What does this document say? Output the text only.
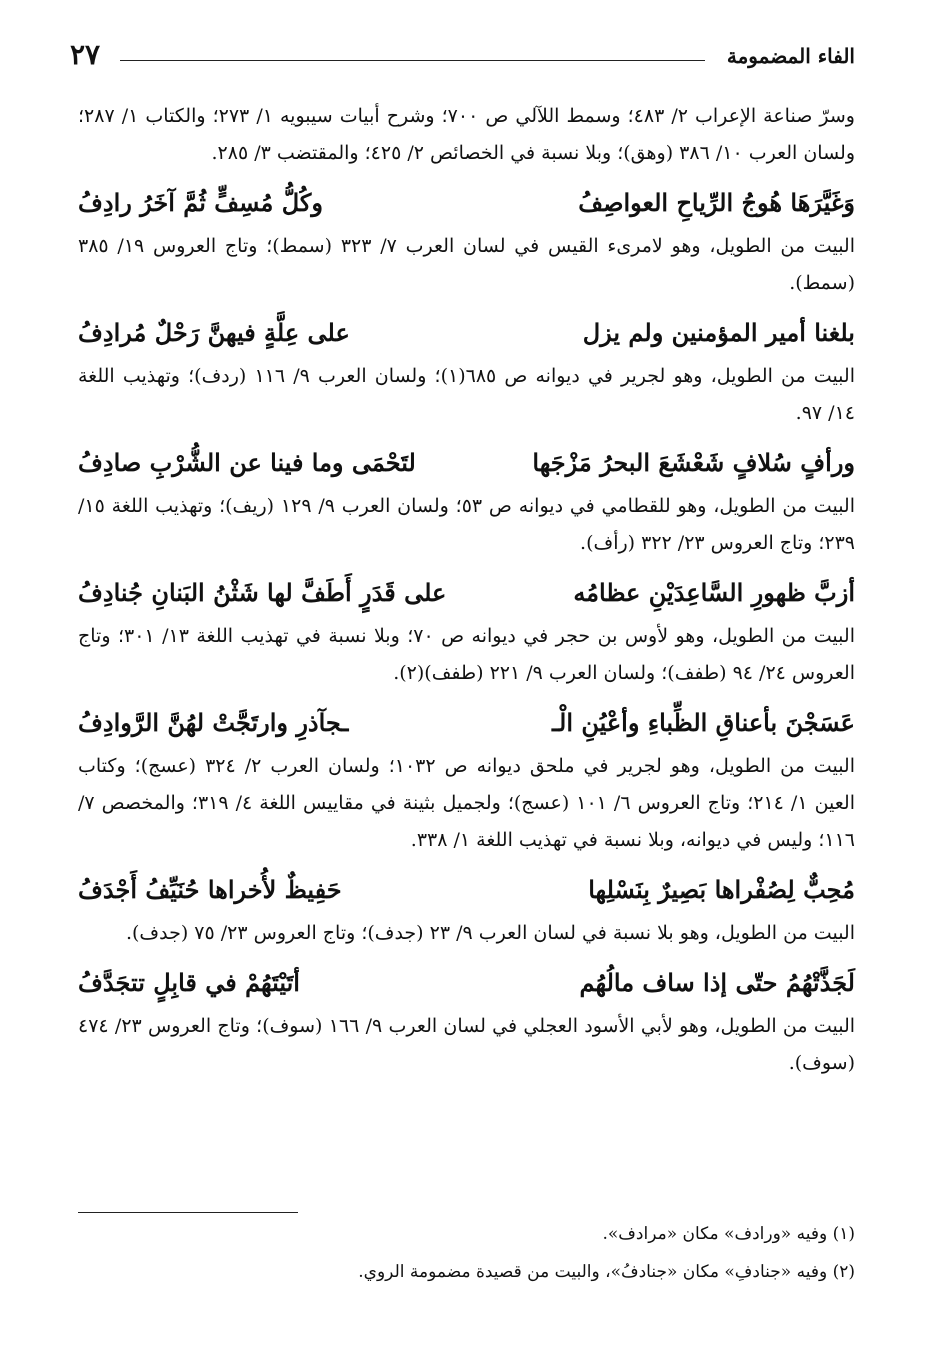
الفاء المضمومة
٢٧
وسرّ صناعة الإعراب ٢/ ٤٨٣؛ وسمط اللآلي ص ٧٠٠؛ وشرح أبيات سيبويه ١/ ٢٧٣؛ والكتاب ١/ ٢٨٧؛ ولسان العرب ١٠/ ٣٨٦ (وهق)؛ وبلا نسبة في الخصائص ٢/ ٤٢٥؛ والمقتضب ٣/ ٢٨٥.
وَغَيَّرَهَا هُوجُ الرِّياحِ العواصِفُ
وكُلُّ مُسِفٍّ ثُمَّ آخَرُ رادِفُ
البيت من الطويل، وهو لامرىء القيس في لسان العرب ٧/ ٣٢٣ (سمط)؛ وتاج العروس ١٩/ ٣٨٥ (سمط).
بلغنا أمير المؤمنين ولم يزل
على عِلَّةٍ فيهنَّ رَحْلٌ مُرادِفُ
البيت من الطويل، وهو لجرير في ديوانه ص ٦٨٥(١)؛ ولسان العرب ٩/ ١١٦ (ردف)؛ وتهذيب اللغة ١٤/ ٩٧.
ورأفٍ سُلافٍ شَعْشَعَ البحرُ مَزْجَها
لتَحْمَى وما فينا عن الشُّرْبِ صادِفُ
البيت من الطويل، وهو للقطامي في ديوانه ص ٥٣؛ ولسان العرب ٩/ ١٢٩ (ريف)؛ وتهذيب اللغة ١٥/ ٢٣٩؛ وتاج العروس ٢٣/ ٣٢٢ (رأف).
أزبَّ ظهورِ السَّاعِدَيْنِ عظامُه
على قَدَرٍ أَطَفَّ لها شَثْنُ البَنانِ جُنادِفُ
البيت من الطويل، وهو لأوس بن حجر في ديوانه ص ٧٠؛ وبلا نسبة في تهذيب اللغة ١٣/ ٣٠١؛ وتاج العروس ٢٤/ ٩٤ (طفف)؛ ولسان العرب ٩/ ٢٢١ (طفف)(٢).
عَسَجْنَ بأعناقِ الظِّباءِ وأعْيُنِ الْـ
ـجآذرِ وارتَجَّتْ لهُنَّ الرَّوادِفُ
البيت من الطويل، وهو لجرير في ملحق ديوانه ص ١٠٣٢؛ ولسان العرب ٢/ ٣٢٤ (عسج)؛ وكتاب العين ١/ ٢١٤؛ وتاج العروس ٦/ ١٠١ (عسج)؛ ولجميل بثينة في مقاييس اللغة ٤/ ٣١٩؛ والمخصص ٧/ ١١٦؛ وليس في ديوانه، وبلا نسبة في تهذيب اللغة ١/ ٣٣٨.
مُحِبٌّ لِصُفْراها بَصِيرٌ بِنَسْلِها
حَفِيظٌ لأُخراها حُنَيِّفُ أَجْدَفُ
البيت من الطويل، وهو بلا نسبة في لسان العرب ٩/ ٢٣ (جدف)؛ وتاج العروس ٢٣/ ٧٥ (جدف).
لَجَذَّتْهُمُ حتّى إذا ساف مالُهُم
أتَيْتَهُمْ في قابِلٍ تتجَدَّفُ
البيت من الطويل، وهو لأبي الأسود العجلي في لسان العرب ٩/ ١٦٦ (سوف)؛ وتاج العروس ٢٣/ ٤٧٤ (سوف).
(١) وفيه «ورادف» مكان «مرادف».
(٢) وفيه «جنادفِ» مكان «جنادفُ»، والبيت من قصيدة مضمومة الروي.
